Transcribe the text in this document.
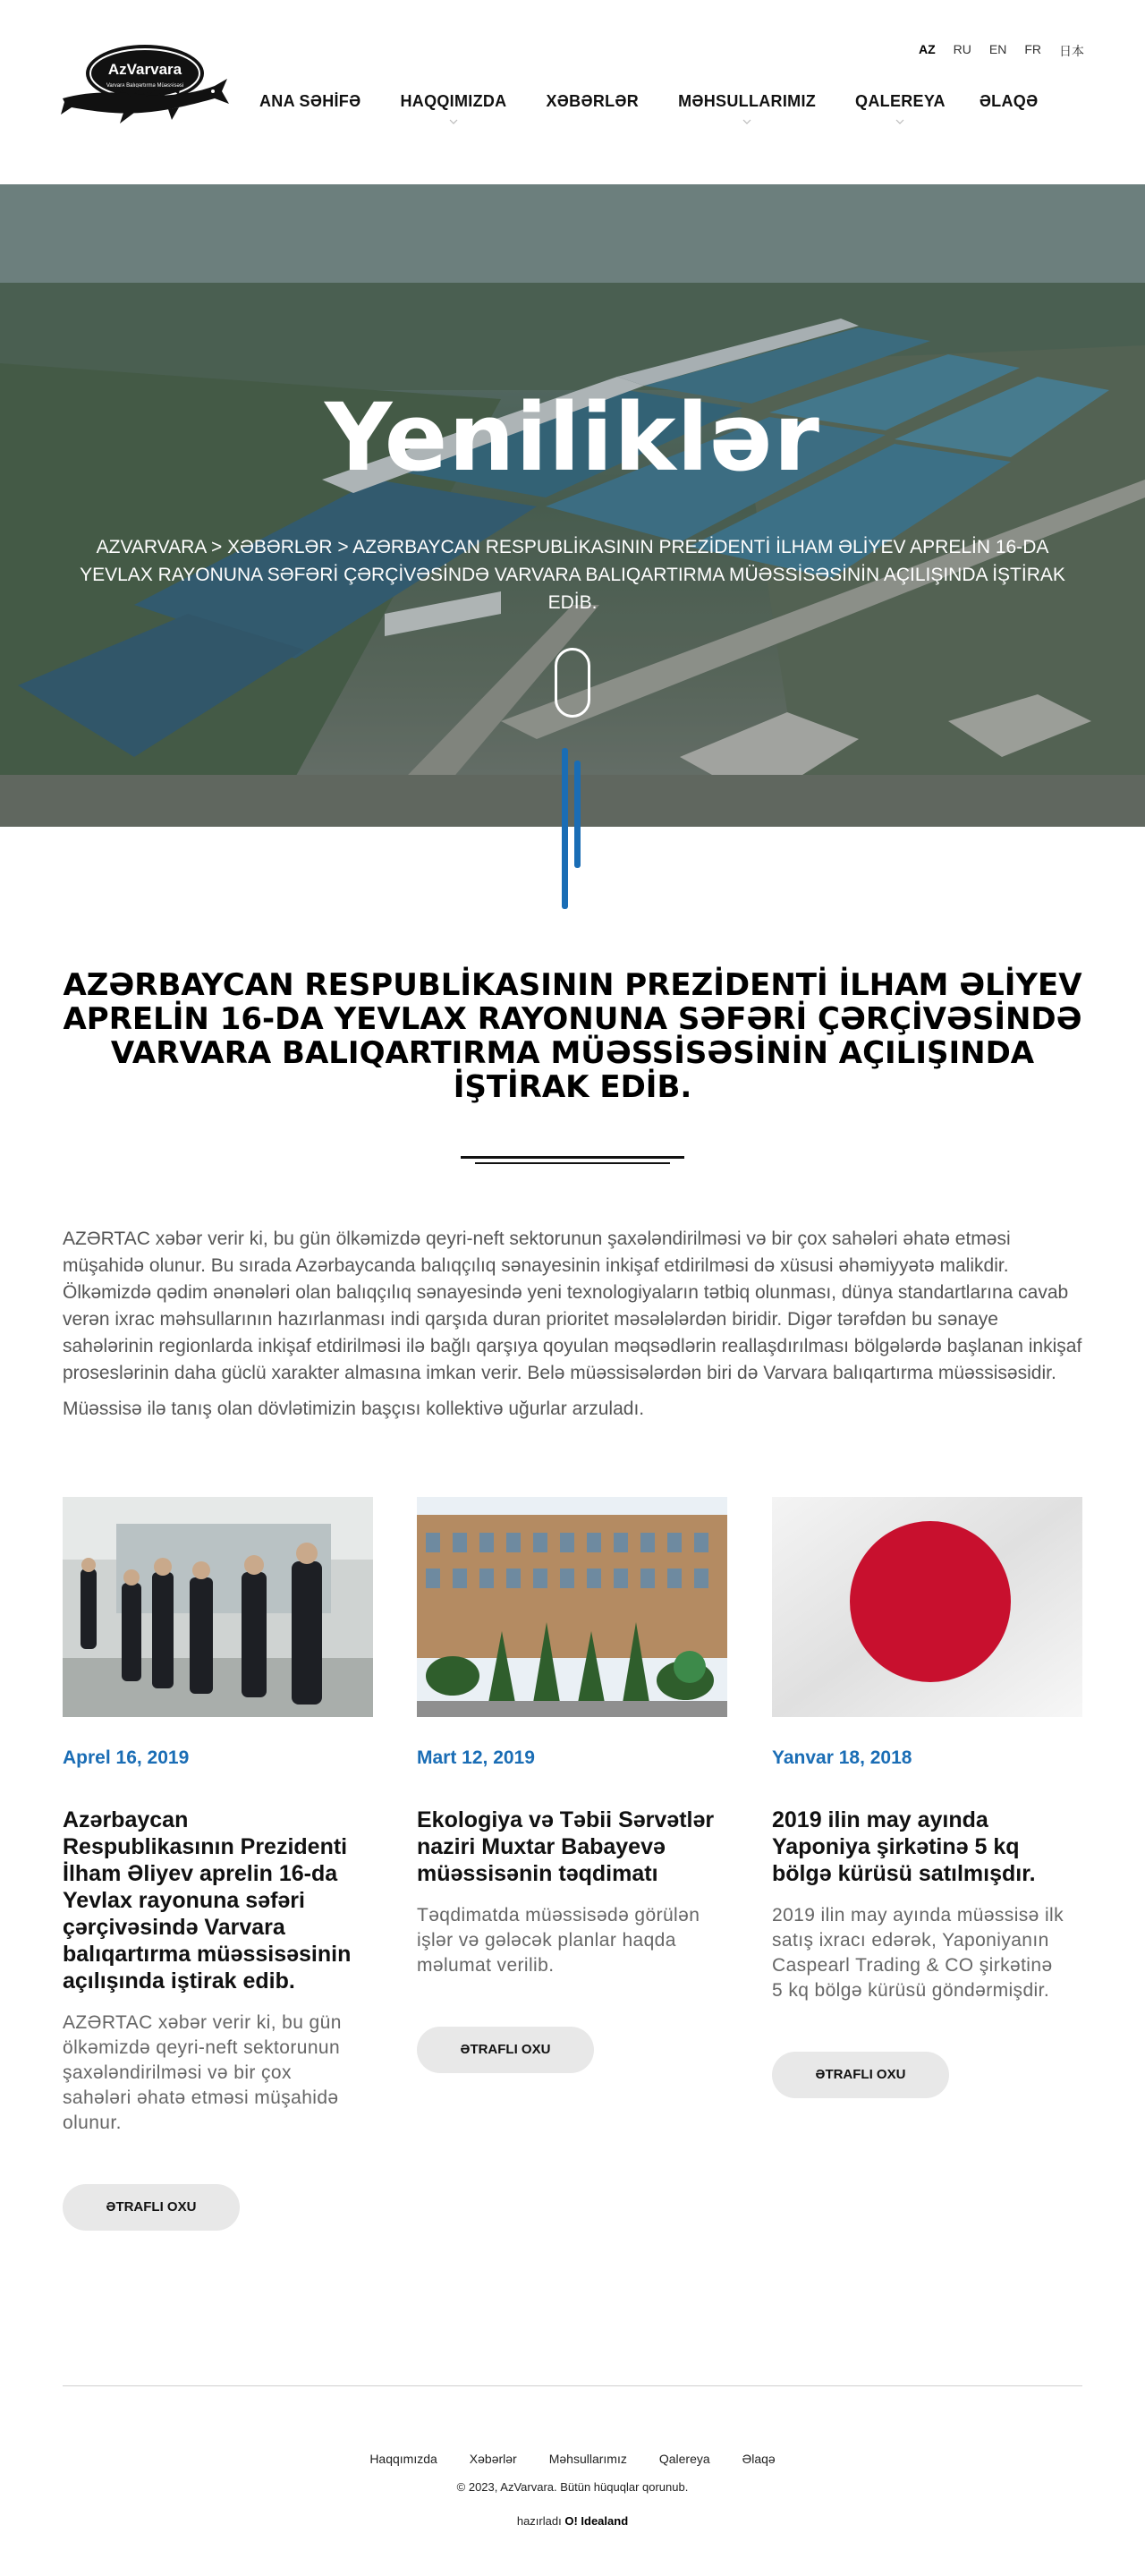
AzVarvara
Varvara Balıqartırma Müəssisəsi
AZ RU EN FR 日本
ANA SƏHİFƏ HAQQIMIZDA XƏBƏRLƏR MƏHSULLARIMIZ QALEREYA ƏLAQƏ
Yeniliklər
AZVARVARA > XƏBƏRLƏR > AZƏRBAYCAN RESPUBLİKASININ PREZİDENTİ İLHAM ƏLİYEV APRELİN 16-DA YEVLAX RAYONUNA SƏFƏRİ ÇƏRÇİVƏSİNDƏ VARVARA BALIQARTIRMA MÜƏSSİSƏSİNİN AÇILIŞINDA İŞTİRAK EDİB.
AZƏRBAYCAN RESPUBLİKASININ PREZİDENTİ İLHAM ƏLİYEV APRELİN 16-DA YEVLAX RAYONUNA SƏFƏRİ ÇƏRÇİVƏSİNDƏ VARVARA BALIQARTIRMA MÜƏSSİSƏSİNİN AÇILIŞINDA İŞTİRAK EDİB.

AZƏRTAC xəbər verir ki, bu gün ölkəmizdə qeyri-neft sektorunun şaxələndirilməsi və bir çox sahələri əhatə etməsi müşahidə olunur. Bu sırada Azərbaycanda balıqçılıq sənayesinin inkişaf etdirilməsi də xüsusi əhəmiyyətə malikdir. Ölkəmizdə qədim ənənələri olan balıqçılıq sənayesində yeni texnologiyaların tətbiq olunması, dünya standartlarına cavab verən ixrac məhsullarının hazırlanması indi qarşıda duran prioritet məsələlərdən biridir. Digər tərəfdən bu sənaye sahələrinin regionlarda inkişaf etdirilməsi ilə bağlı qarşıya qoyulan məqsədlərin reallaşdırılması bölgələrdə başlanan inkişaf proseslərinin daha güclü xarakter almasına imkan verir. Belə müəssisələrdən biri də Varvara balıqartırma müəssisəsidir.

Müəssisə ilə tanış olan dövlətimizin başçısı kollektivə uğurlar arzuladı.

Aprel 16, 2019
Azərbaycan Respublikasının Prezidenti İlham Əliyev aprelin 16-da Yevlax rayonuna səfəri çərçivəsində Varvara balıqartırma müəssisəsinin açılışında iştirak edib.

AZƏRTAC xəbər verir ki, bu gün ölkəmizdə qeyri-neft sektorunun şaxələndirilməsi və bir çox sahələri əhatə etməsi müşahidə olunur.

ƏTRAFLI OXU
Mart 12, 2019
Ekologiya və Təbii Sərvətlər naziri Muxtar Babayevə müəssisənin təqdimatı

Təqdimatda müəssisədə görülən işlər və gələcək planlar haqda məlumat verilib.

ƏTRAFLI OXU
Yanvar 18, 2018
2019 ilin may ayında Yaponiya şirkətinə 5 kq bölgə kürüsü satılmışdır.

2019 ilin may ayında müəssisə ilk satış ixracı edərək, Yaponiyanın Caspearl Trading & CO şirkətinə 5 kq bölgə kürüsü göndərmişdir.

ƏTRAFLI OXU
Haqqımızda	Xəbərlər	Məhsullarımız	Qalereya	Əlaqə
© 2023, AzVarvara. Bütün hüquqlar qorunub.
hazırladı O! Idealand
